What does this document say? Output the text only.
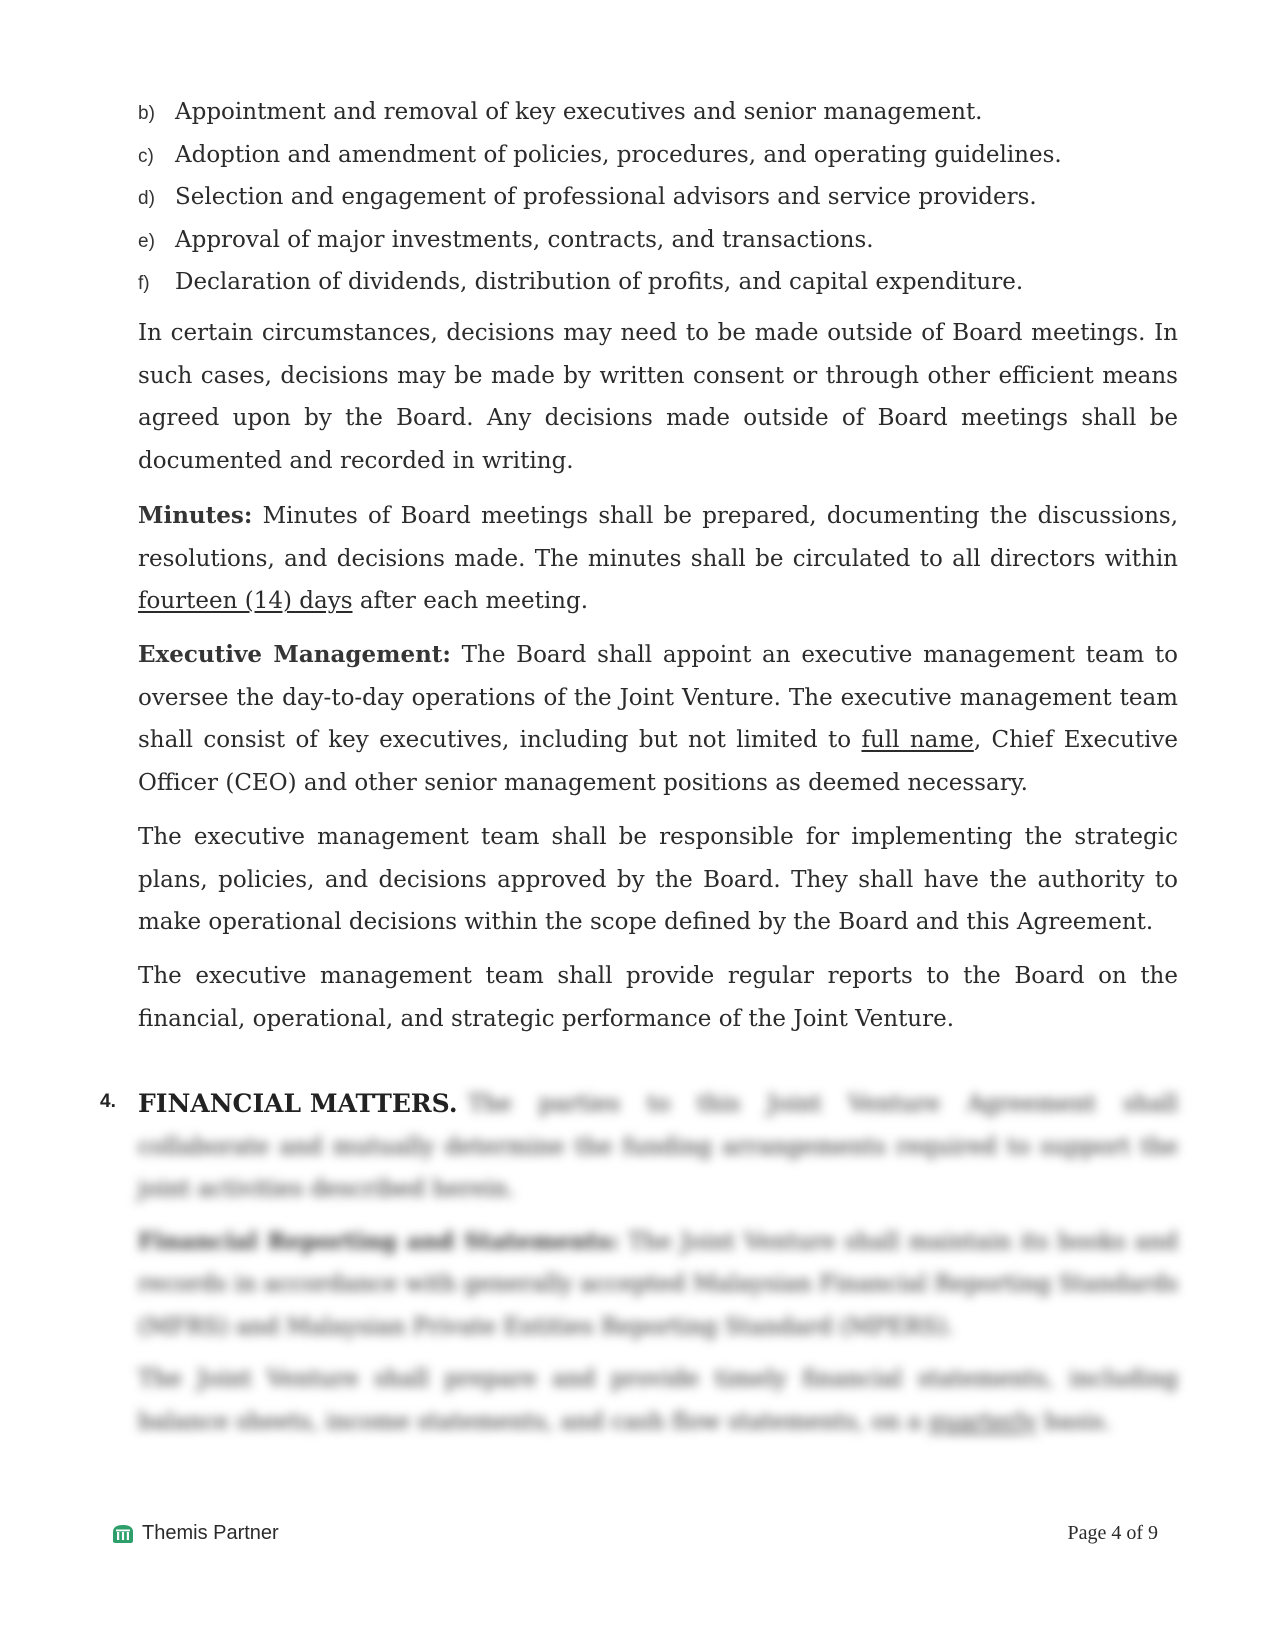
b) Appointment and removal of key executives and senior management.
c) Adoption and amendment of policies, procedures, and operating guidelines.
d) Selection and engagement of professional advisors and service providers.
e) Approval of major investments, contracts, and transactions.
f)	Declaration of dividends, distribution of profits, and capital expenditure.

In certain circumstances, decisions may need to be made outside of Board meetings. In such cases, decisions may be made by written consent or through other efficient means agreed upon by the Board. Any decisions made outside of Board meetings shall be documented and recorded in writing.

Minutes: Minutes of Board meetings shall be prepared, documenting the discussions, resolutions, and decisions made. The minutes shall be circulated to all directors within fourteen (14) days after each meeting.

Executive Management: The Board shall appoint an executive management team to oversee the day-to-day operations of the Joint Venture. The executive management team shall consist of key executives, including but not limited to full name, Chief Executive Officer (CEO) and other senior management positions as deemed necessary.

The executive management team shall be responsible for implementing the strategic plans, policies, and decisions approved by the Board. They shall have the authority to make operational decisions within the scope defined by the Board and this Agreement.

The executive management team shall provide regular reports to the Board on the financial, operational, and strategic performance of the Joint Venture.

4. FINANCIAL MATTERS. The parties to this Joint Venture Agreement shall collaborate and mutually determine the funding arrangements required to support the joint activities described herein.

Financial Reporting and Statements: The Joint Venture shall maintain its books and records in accordance with generally accepted Malaysian Financial Reporting Standards (MFRS) and Malaysian Private Entities Reporting Standard (MPERS).

The Joint Venture shall prepare and provide timely financial statements, including balance sheets, income statements, and cash flow statements, on a quarterly basis.

Themis Partner	Page 4 of 9
